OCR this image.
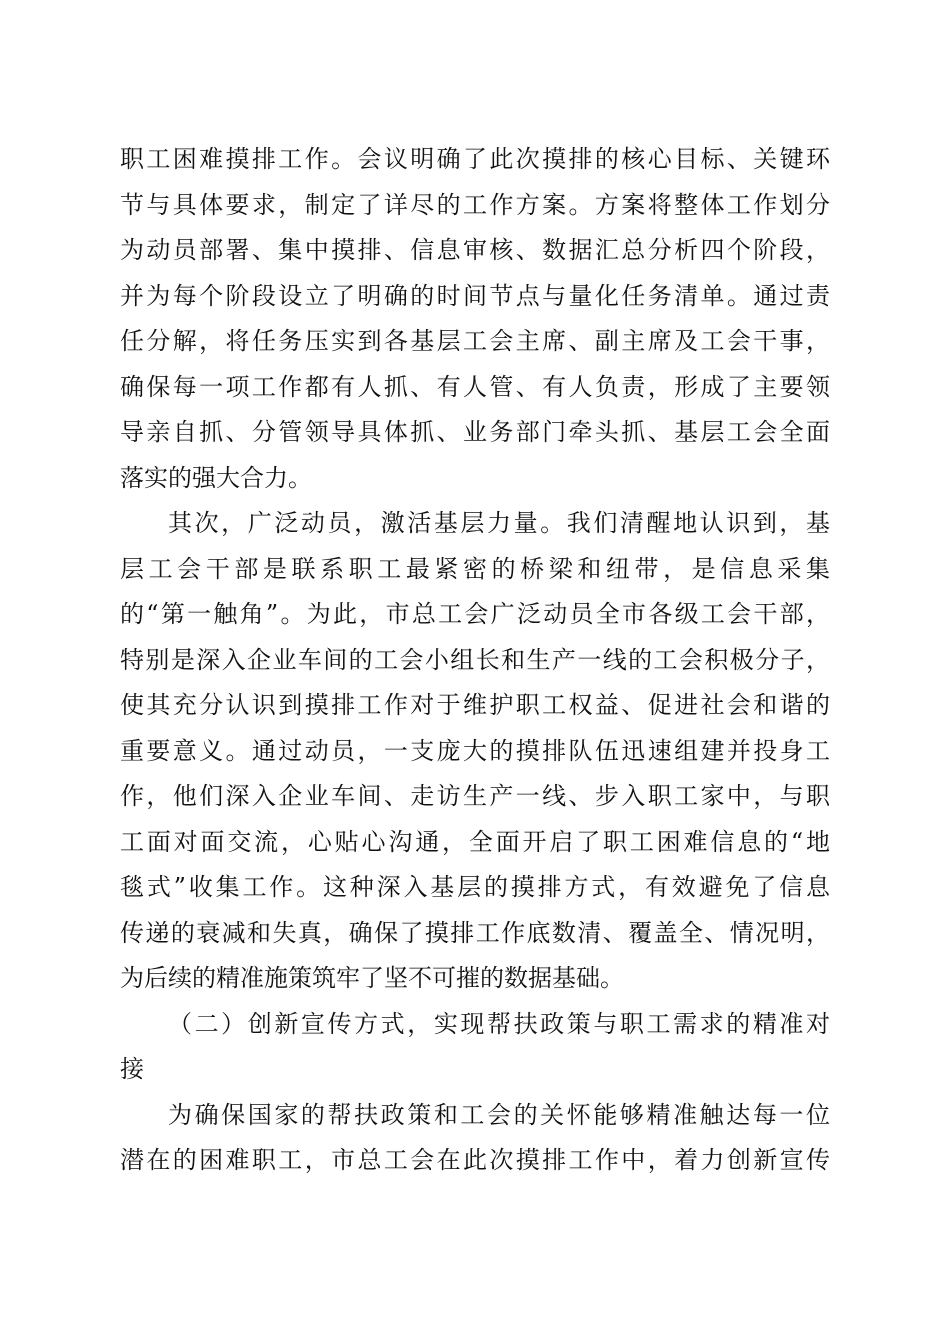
职工困难摸排工作。会议明确了此次摸排的核心目标、关键环
节与具体要求，制定了详尽的工作方案。方案将整体工作划分
为动员部署、集中摸排、信息审核、数据汇总分析四个阶段，
并为每个阶段设立了明确的时间节点与量化任务清单。通过责
任分解，将任务压实到各基层工会主席、副主席及工会干事，
确保每一项工作都有人抓、有人管、有人负责，形成了主要领
导亲自抓、分管领导具体抓、业务部门牵头抓、基层工会全面
落实的强大合力。
其次，广泛动员，激活基层力量。我们清醒地认识到，基
层工会干部是联系职工最紧密的桥梁和纽带，是信息采集
的“第一触角”。为此，市总工会广泛动员全市各级工会干部，
特别是深入企业车间的工会小组长和生产一线的工会积极分子，
使其充分认识到摸排工作对于维护职工权益、促进社会和谐的
重要意义。通过动员，一支庞大的摸排队伍迅速组建并投身工
作，他们深入企业车间、走访生产一线、步入职工家中，与职
工面对面交流，心贴心沟通，全面开启了职工困难信息的“地
毯式”收集工作。这种深入基层的摸排方式，有效避免了信息
传递的衰减和失真，确保了摸排工作底数清、覆盖全、情况明，
为后续的精准施策筑牢了坚不可摧的数据基础。
（二）创新宣传方式，实现帮扶政策与职工需求的精准对
接
为确保国家的帮扶政策和工会的关怀能够精准触达每一位
潜在的困难职工，市总工会在此次摸排工作中，着力创新宣传
